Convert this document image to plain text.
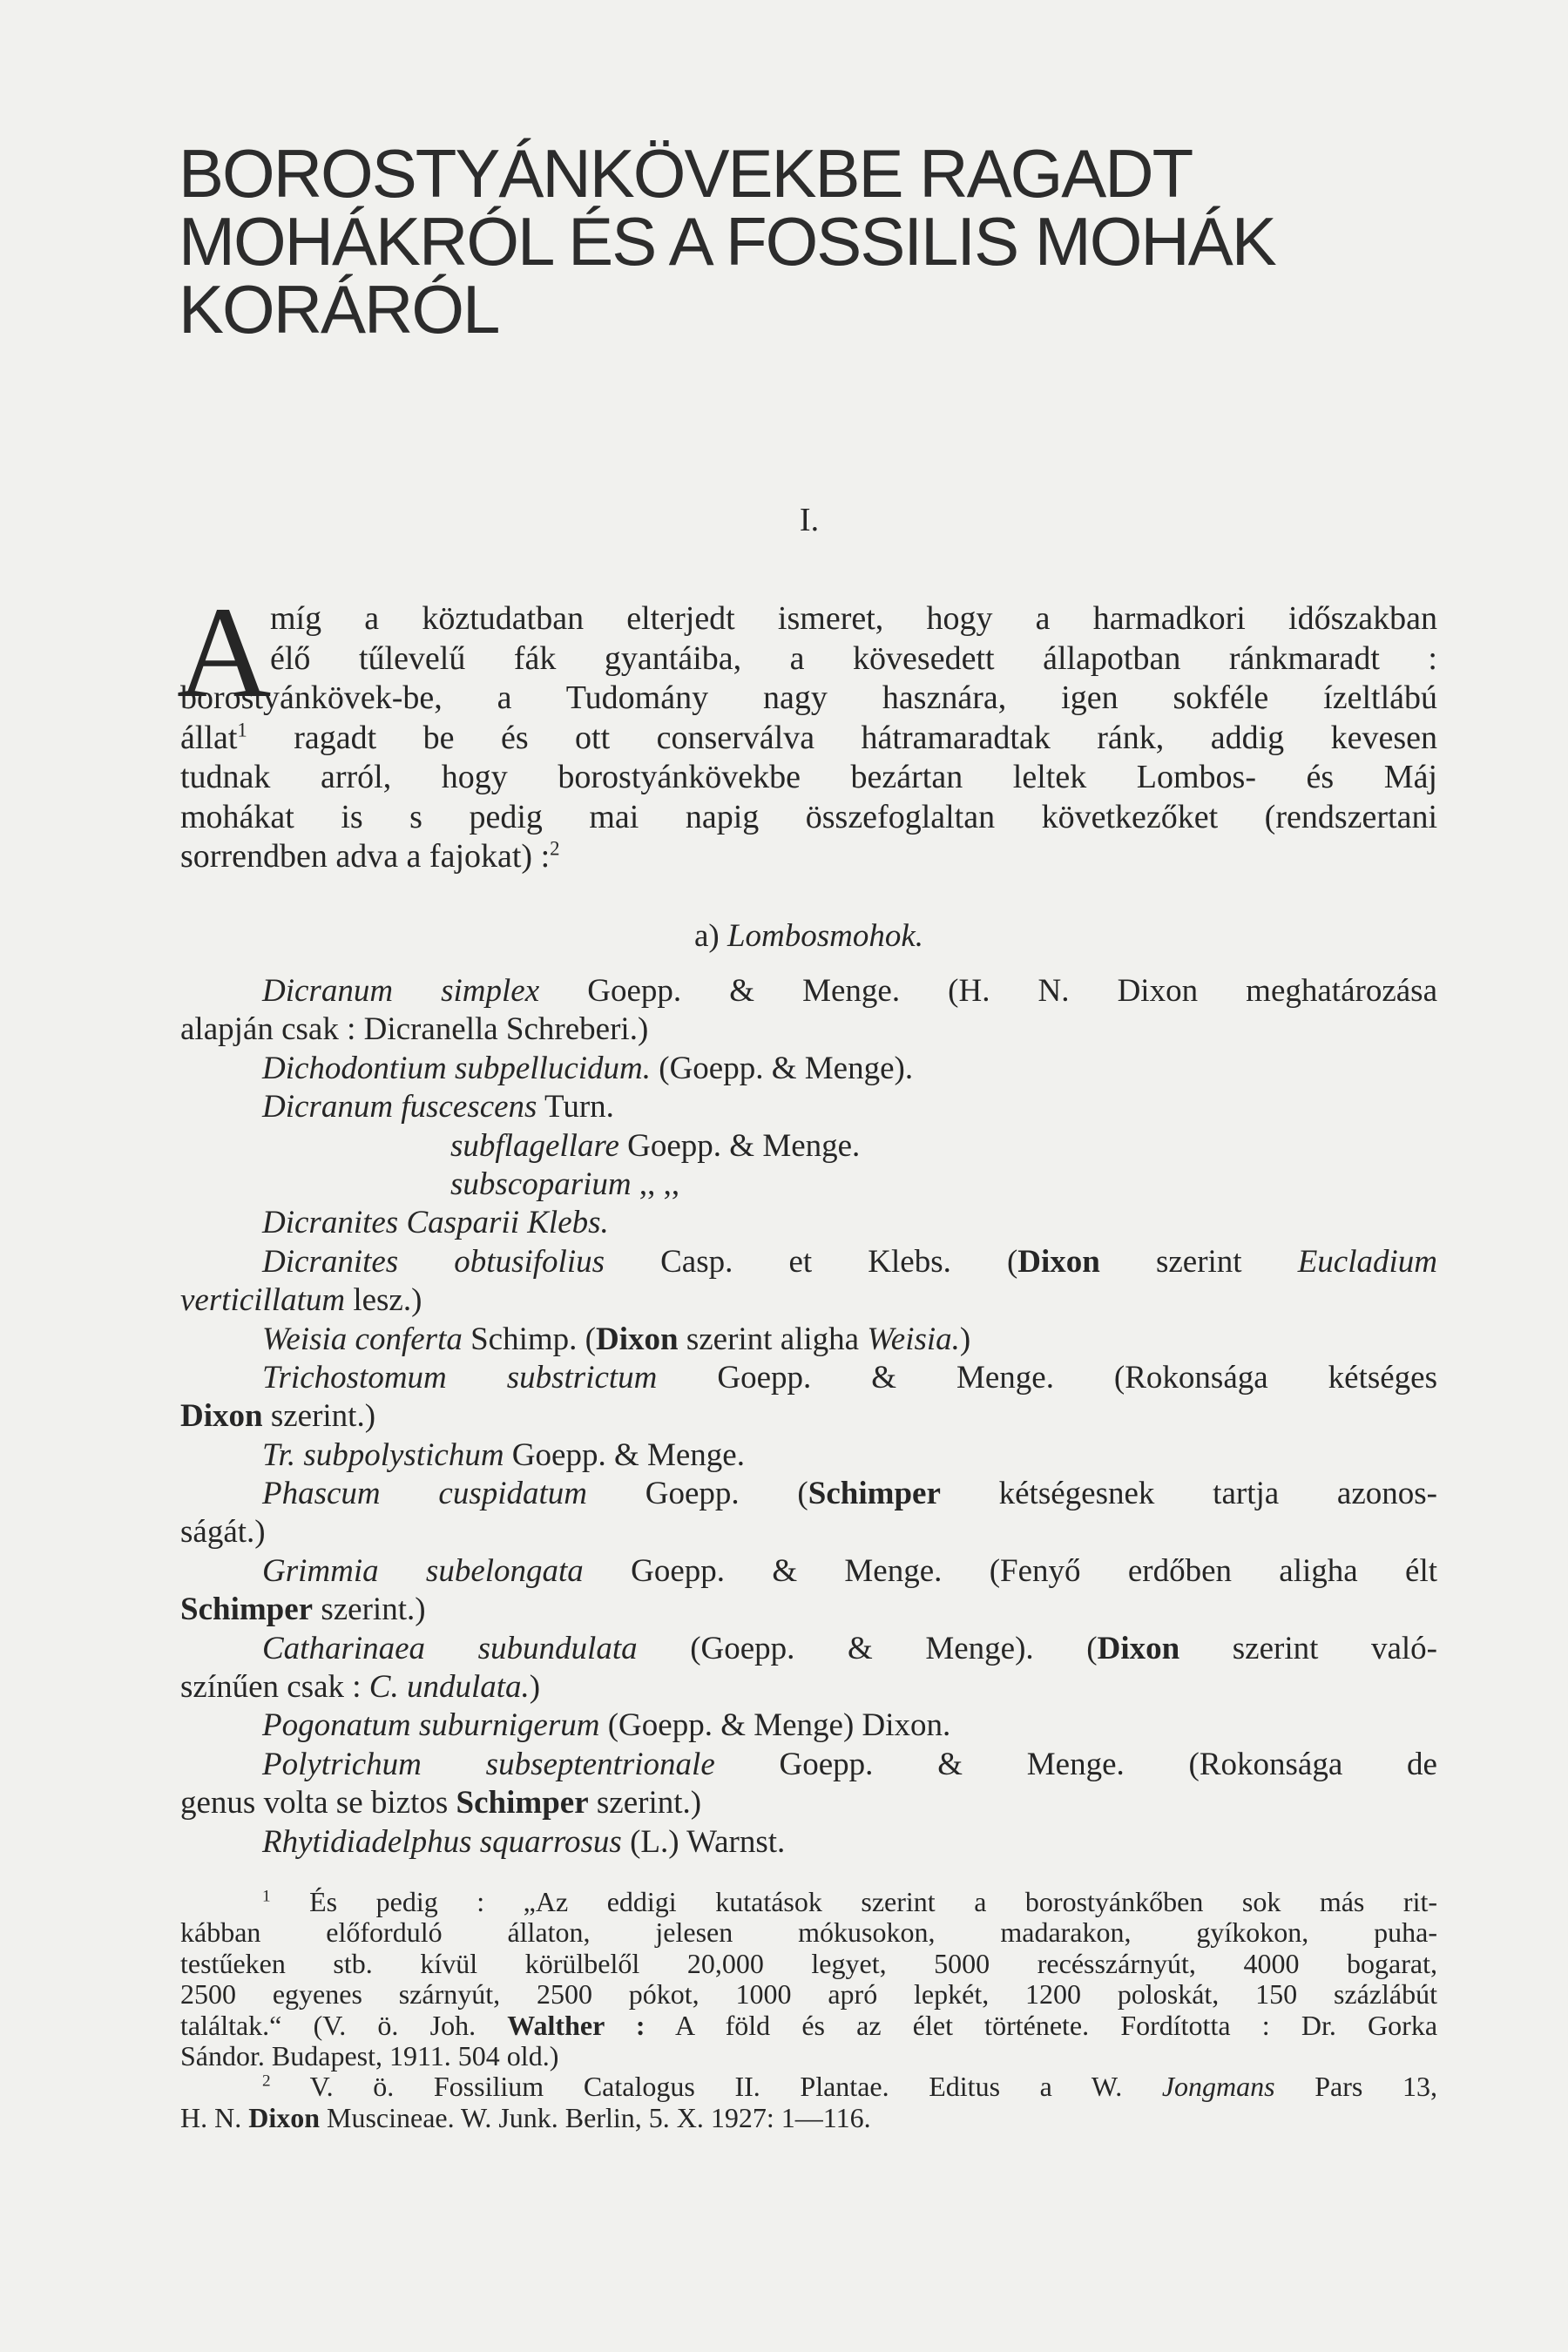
BOROSTYÁNKÖVEKBE RAGADT
MOHÁKRÓL ÉS A FOSSILIS MOHÁK
KORÁRÓL
I.
A
míg a köztudatban elterjedt ismeret, hogy a harmadkori időszakban
élő tűlevelű fák gyantáiba, a kövesedett állapotban ránkmaradt :
borostyánkövek-be, a Tudomány nagy hasznára, igen sokféle ízeltlábú
állat$^1$ ragadt be és ott conserválva hátramaradtak ránk, addig kevesen
tudnak arról, hogy borostyánkövekbe bezártan leltek Lombos- és Máj
mohákat is s pedig mai napig összefoglaltan következőket (rendszertani
sorrendben adva a fajokat) :$^2$
a) Lombosmohok.
Dicranum simplex Goepp. & Menge. (H. N. Dixon meghatározása
alapján csak : Dicranella Schreberi.)
Dichodontium subpellucidum. (Goepp. & Menge).
Dicranum fuscescens Turn.
subflagellare Goepp. & Menge.
subscoparium ,, ,,
Dicranites Casparii Klebs.
Dicranites obtusifolius Casp. et Klebs. (Dixon szerint Eucladium
verticillatum lesz.)
Weisia conferta Schimp. (Dixon szerint aligha Weisia.)
Trichostomum substrictum Goepp. & Menge. (Rokonsága kétséges
Dixon szerint.)
Tr. subpolystichum Goepp. & Menge.
Phascum cuspidatum Goepp. (Schimper kétségesnek tartja azonos-
ságát.)
Grimmia subelongata Goepp. & Menge. (Fenyő erdőben aligha élt
Schimper szerint.)
Catharinaea subundulata (Goepp. & Menge). (Dixon szerint való-
színűen csak : C. undulata.)
Pogonatum suburnigerum (Goepp. & Menge) Dixon.
Polytrichum subseptentrionale Goepp. & Menge. (Rokonsága de
genus volta se biztos Schimper szerint.)
Rhytidiadelphus squarrosus (L.) Warnst.
$^1$ És pedig : „Az eddigi kutatások szerint a borostyánkőben sok más rit-
kábban előforduló állaton, jelesen mókusokon, madarakon, gyíkokon, puha-
testűeken stb. kívül körülbelől 20,000 legyet, 5000 recésszárnyút, 4000 bogarat,
2500 egyenes szárnyút, 2500 pókot, 1000 apró lepkét, 1200 poloskát, 150 százlábút
találtak.“ (V. ö. Joh. Walther : A föld és az élet története. Fordította : Dr. Gorka
Sándor. Budapest, 1911. 504 old.)
$^2$ V. ö. Fossilium Catalogus II. Plantae. Editus a W. Jongmans Pars 13,
H. N. Dixon Muscineae. W. Junk. Berlin, 5. X. 1927: 1—116.
